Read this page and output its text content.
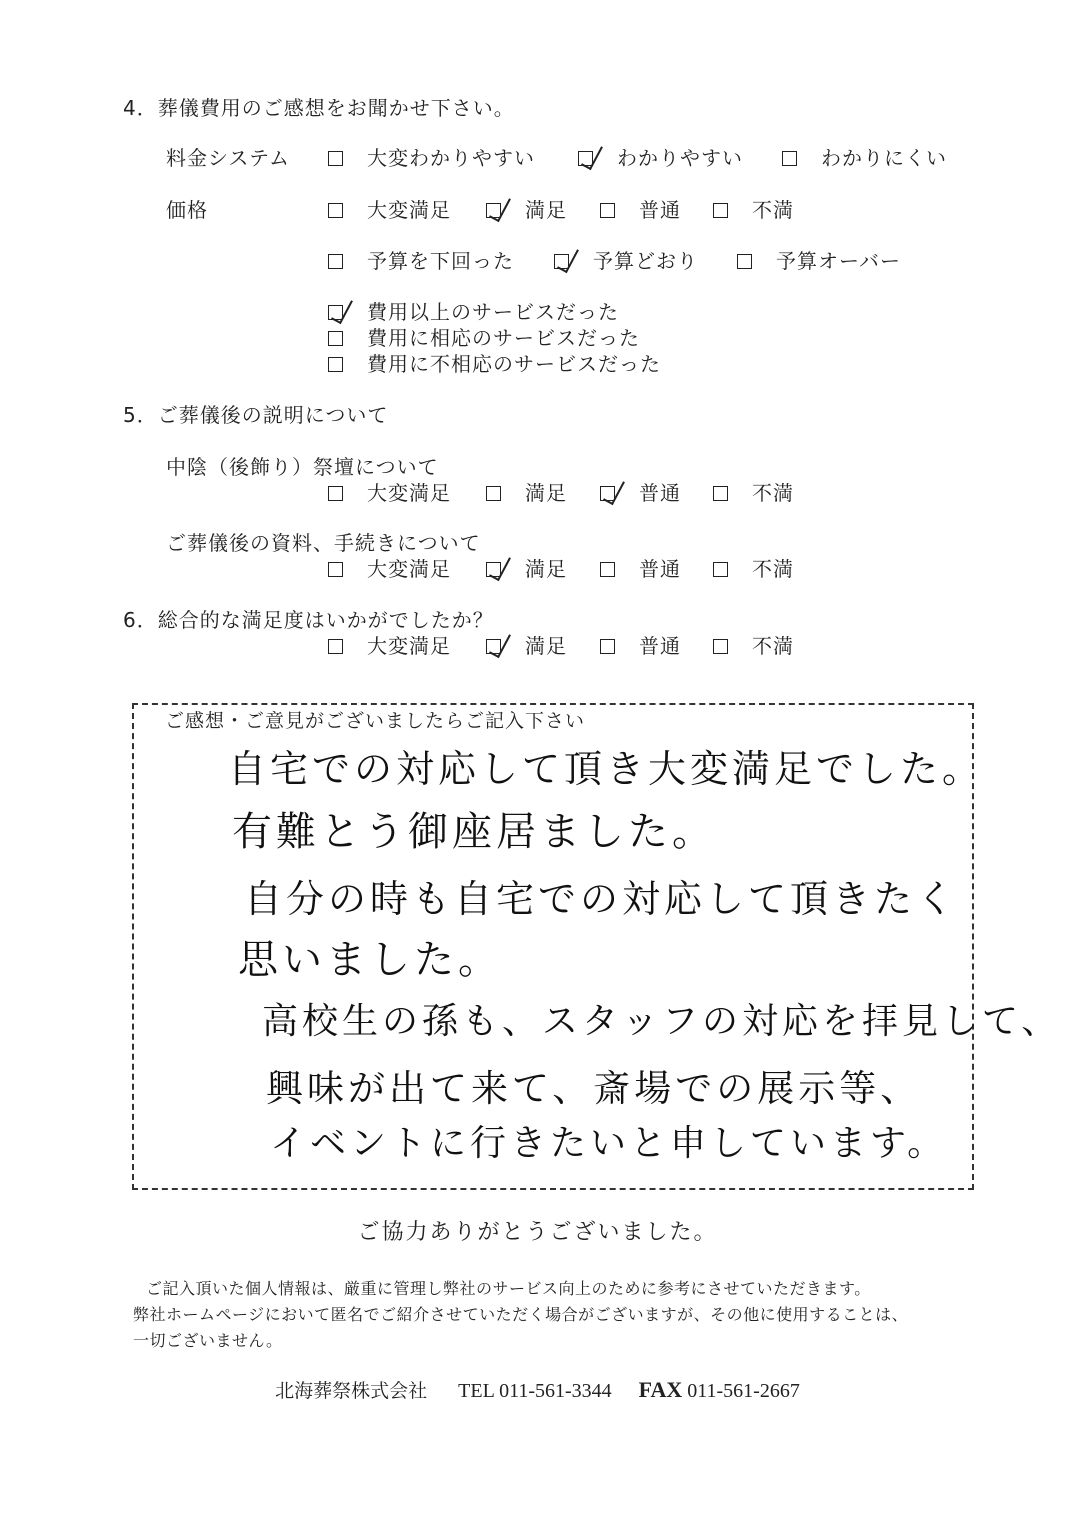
4．葬儀費用のご感想をお聞かせ下さい。
料金システム	大変わかりやすい	わかりやすい	わかりにくい
価格	大変満足	満足	普通	不満
予算を下回った	予算どおり	予算オーバー
費用以上のサービスだった
費用に相応のサービスだった
費用に不相応のサービスだった
5．ご葬儀後の説明について
中陰（後飾り）祭壇について
大変満足	満足	普通	不満
ご葬儀後の資料、手続きについて
大変満足	満足	普通	不満
6．総合的な満足度はいかがでしたか？
大変満足	満足	普通	不満
ご感想・ご意見がございましたらご記入下さい
自宅での対応して頂き大変満足でした。
有難とう御座居ました。
自分の時も自宅での対応して頂きたく
思いました。
高校生の孫も、スタッフの対応を拝見して、
興味が出て来て、斎場での展示等、
イベントに行きたいと申しています。
ご協力ありがとうございました。
ご記入頂いた個人情報は、厳重に管理し弊社のサービス向上のために参考にさせていただきます。
弊社ホームページにおいて匿名でご紹介させていただく場合がございますが、その他に使用することは、
一切ございません。
北海葬祭株式会社 TEL 011-561-3344 FAX 011-561-2667
